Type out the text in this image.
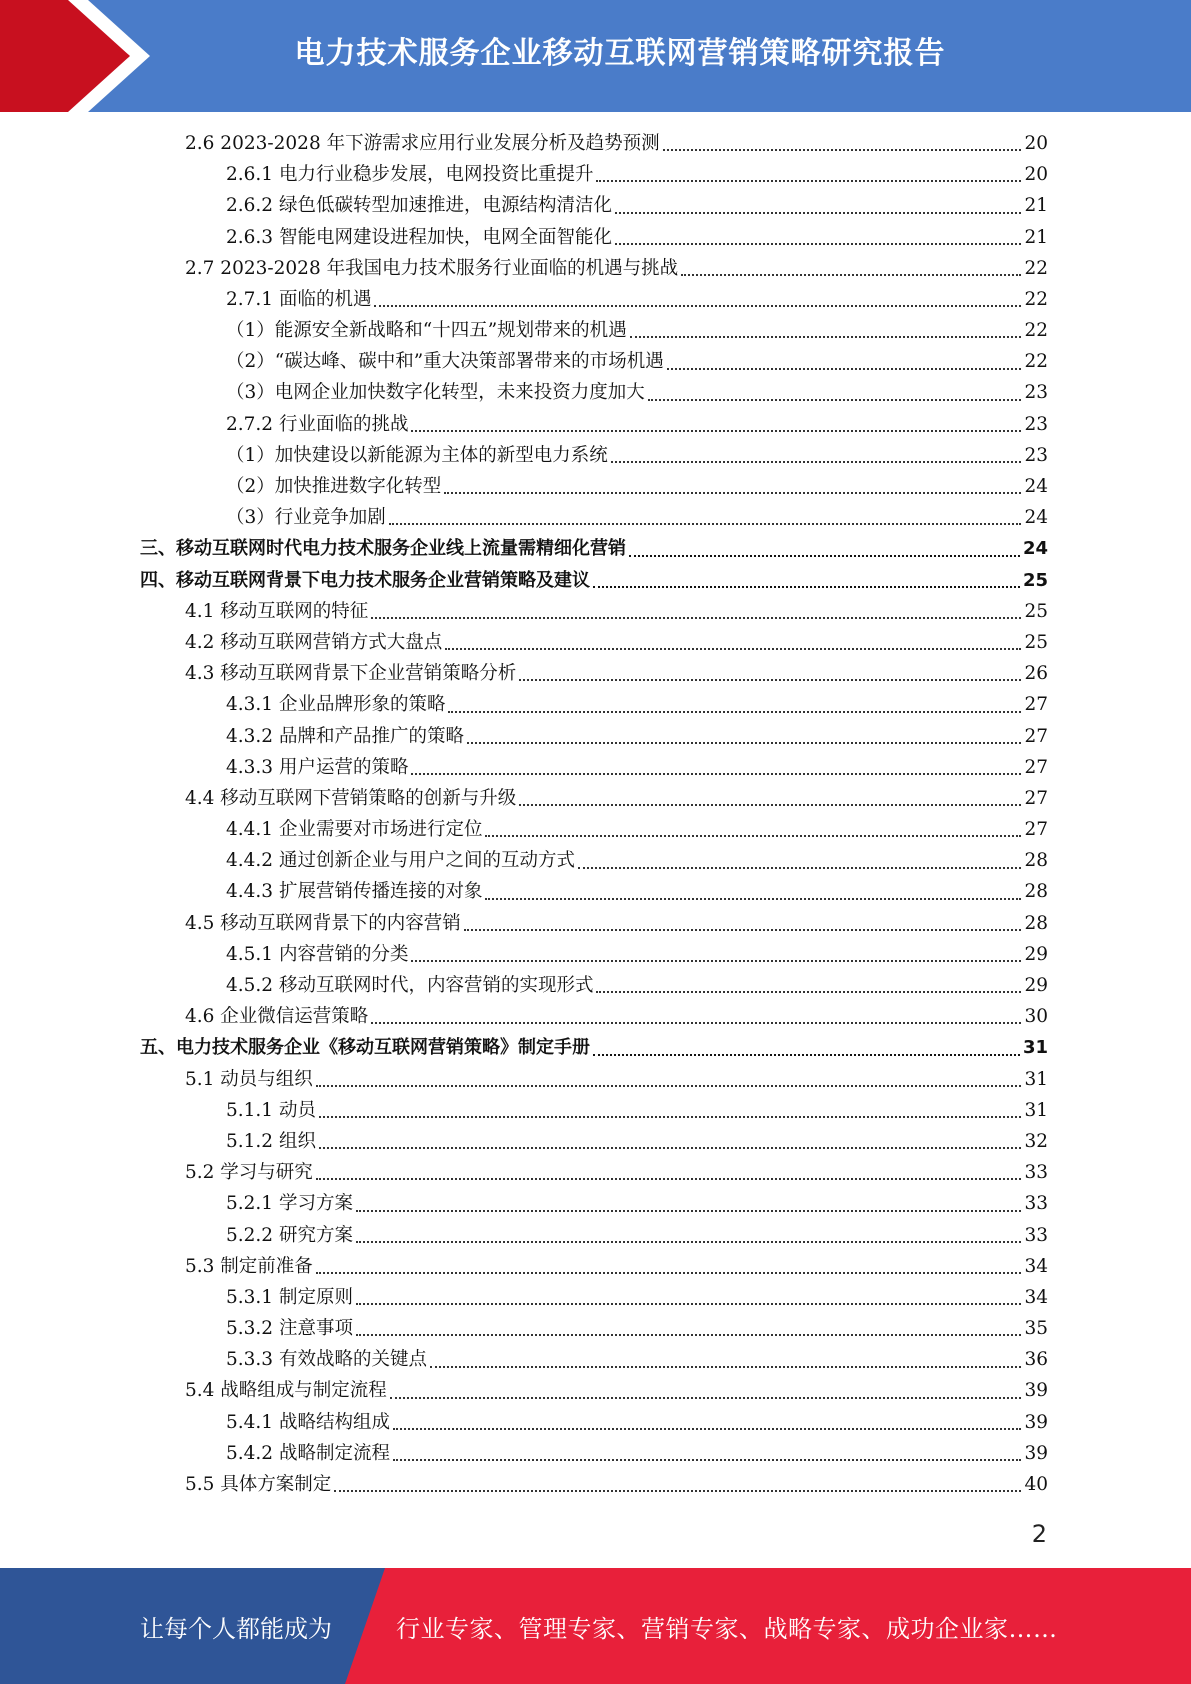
电力技术服务企业移动互联网营销策略研究报告
2.6 2023-2028 年下游需求应用行业发展分析及趋势预测	20
2.6.1 电力行业稳步发展，电网投资比重提升	20
2.6.2 绿色低碳转型加速推进，电源结构清洁化	21
2.6.3 智能电网建设进程加快，电网全面智能化	21
2.7 2023-2028 年我国电力技术服务行业面临的机遇与挑战	22
2.7.1 面临的机遇	22
（1）能源安全新战略和“十四五”规划带来的机遇	22
（2）“碳达峰、碳中和”重大决策部署带来的市场机遇	22
（3）电网企业加快数字化转型，未来投资力度加大	23
2.7.2 行业面临的挑战	23
（1）加快建设以新能源为主体的新型电力系统	23
（2）加快推进数字化转型	24
（3）行业竞争加剧	24
三、移动互联网时代电力技术服务企业线上流量需精细化营销	24
四、移动互联网背景下电力技术服务企业营销策略及建议	25
4.1 移动互联网的特征	25
4.2 移动互联网营销方式大盘点	25
4.3 移动互联网背景下企业营销策略分析	26
4.3.1 企业品牌形象的策略	27
4.3.2 品牌和产品推广的策略	27
4.3.3 用户运营的策略	27
4.4 移动互联网下营销策略的创新与升级	27
4.4.1 企业需要对市场进行定位	27
4.4.2 通过创新企业与用户之间的互动方式	28
4.4.3 扩展营销传播连接的对象	28
4.5 移动互联网背景下的内容营销	28
4.5.1 内容营销的分类	29
4.5.2 移动互联网时代，内容营销的实现形式	29
4.6 企业微信运营策略	30
五、电力技术服务企业《移动互联网营销策略》制定手册	31
5.1 动员与组织	31
5.1.1 动员	31
5.1.2 组织	32
5.2 学习与研究	33
5.2.1 学习方案	33
5.2.2 研究方案	33
5.3 制定前准备	34
5.3.1 制定原则	34
5.3.2 注意事项	35
5.3.3 有效战略的关键点	36
5.4 战略组成与制定流程	39
5.4.1 战略结构组成	39
5.4.2 战略制定流程	39
5.5 具体方案制定	40
2
让每个人都能成为	行业专家、管理专家、营销专家、战略专家、成功企业家……
